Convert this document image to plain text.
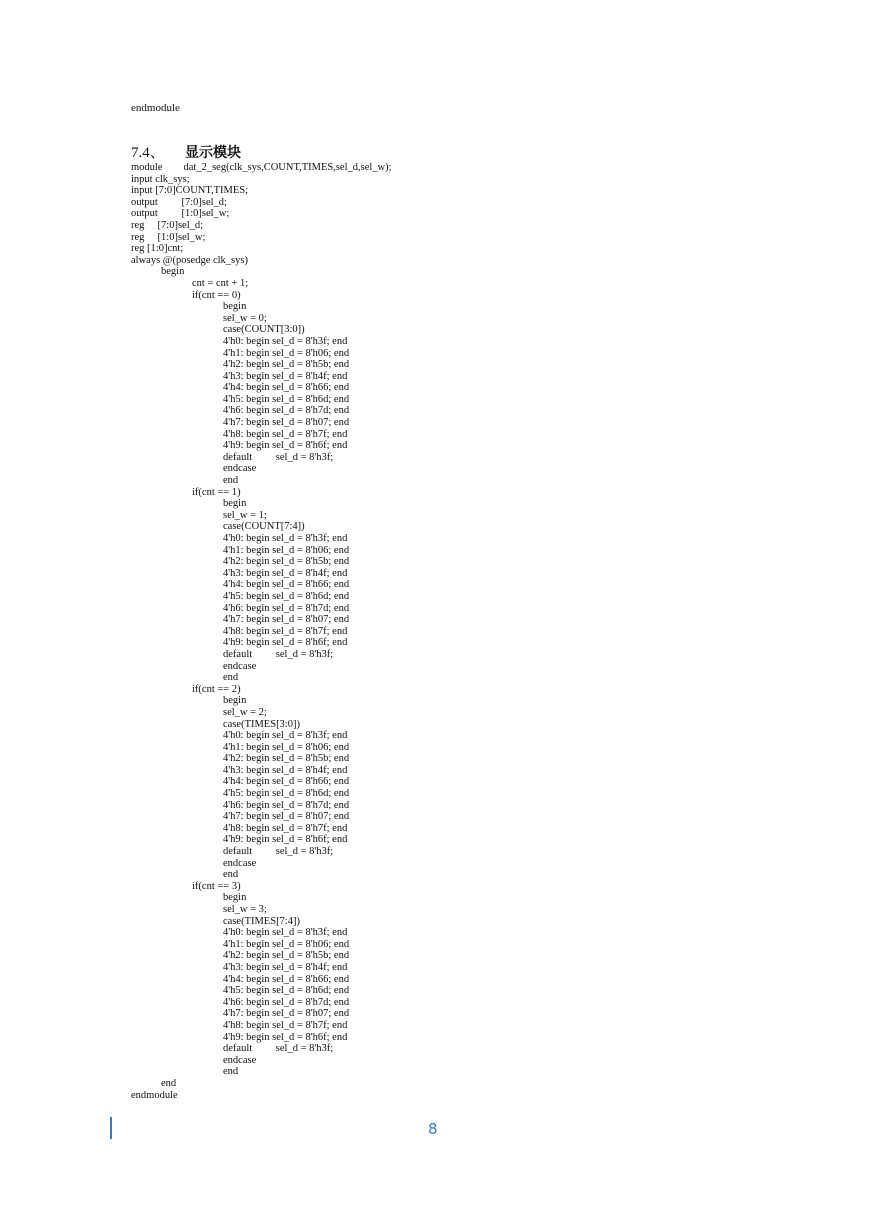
endmodule
7.4、	显示模块
module        dat_2_seg(clk_sys,COUNT,TIMES,sel_d,sel_w);
input clk_sys;
input [7:0]COUNT,TIMES;
output         [7:0]sel_d;
output         [1:0]sel_w;
reg     [7:0]sel_d;
reg     [1:0]sel_w;
reg [1:0]cnt;
always @(posedge clk_sys)
begin
cnt = cnt + 1;
if(cnt == 0)
begin
sel_w = 0;
case(COUNT[3:0])
4'h0: begin sel_d = 8'h3f; end
4'h1: begin sel_d = 8'h06; end
4'h2: begin sel_d = 8'h5b; end
4'h3: begin sel_d = 8'h4f; end
4'h4: begin sel_d = 8'h66; end
4'h5: begin sel_d = 8'h6d; end
4'h6: begin sel_d = 8'h7d; end
4'h7: begin sel_d = 8'h07; end
4'h8: begin sel_d = 8'h7f; end
4'h9: begin sel_d = 8'h6f; end
default         sel_d = 8'h3f;
endcase
end
if(cnt == 1)
begin
sel_w = 1;
case(COUNT[7:4])
4'h0: begin sel_d = 8'h3f; end
4'h1: begin sel_d = 8'h06; end
4'h2: begin sel_d = 8'h5b; end
4'h3: begin sel_d = 8'h4f; end
4'h4: begin sel_d = 8'h66; end
4'h5: begin sel_d = 8'h6d; end
4'h6: begin sel_d = 8'h7d; end
4'h7: begin sel_d = 8'h07; end
4'h8: begin sel_d = 8'h7f; end
4'h9: begin sel_d = 8'h6f; end
default         sel_d = 8'h3f;
endcase
end
if(cnt == 2)
begin
sel_w = 2;
case(TIMES[3:0])
4'h0: begin sel_d = 8'h3f; end
4'h1: begin sel_d = 8'h06; end
4'h2: begin sel_d = 8'h5b; end
4'h3: begin sel_d = 8'h4f; end
4'h4: begin sel_d = 8'h66; end
4'h5: begin sel_d = 8'h6d; end
4'h6: begin sel_d = 8'h7d; end
4'h7: begin sel_d = 8'h07; end
4'h8: begin sel_d = 8'h7f; end
4'h9: begin sel_d = 8'h6f; end
default         sel_d = 8'h3f;
endcase
end
if(cnt == 3)
begin
sel_w = 3;
case(TIMES[7:4])
4'h0: begin sel_d = 8'h3f; end
4'h1: begin sel_d = 8'h06; end
4'h2: begin sel_d = 8'h5b; end
4'h3: begin sel_d = 8'h4f; end
4'h4: begin sel_d = 8'h66; end
4'h5: begin sel_d = 8'h6d; end
4'h6: begin sel_d = 8'h7d; end
4'h7: begin sel_d = 8'h07; end
4'h8: begin sel_d = 8'h7f; end
4'h9: begin sel_d = 8'h6f; end
default         sel_d = 8'h3f;
endcase
end
end
endmodule
8
